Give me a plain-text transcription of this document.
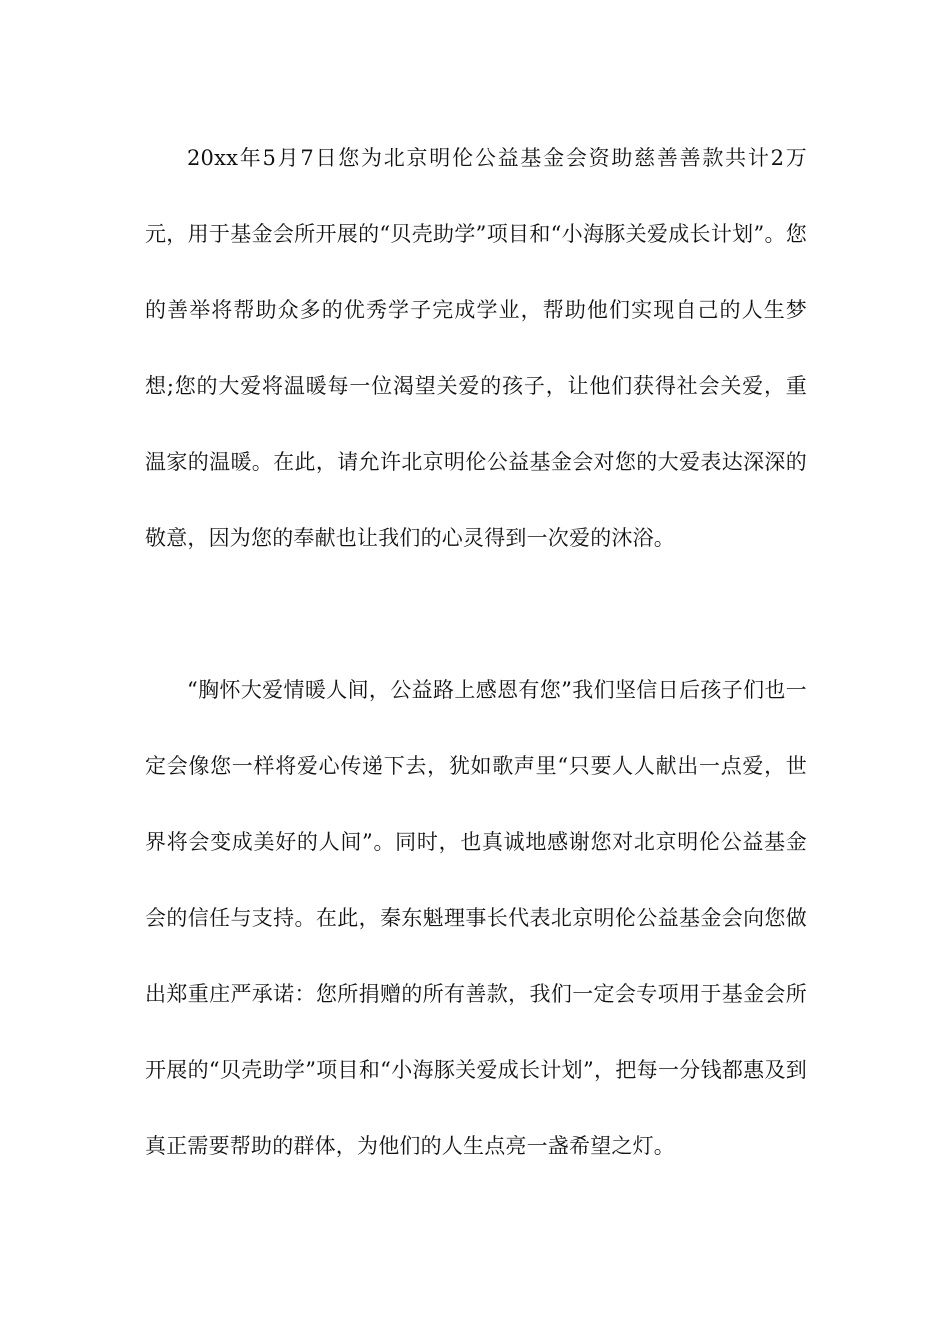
20xx年5月7日您为北京明伦公益基金会资助慈善善款共计2万元，用于基金会所开展的“贝壳助学”项目和“小海豚关爱成长计划”。您的善举将帮助众多的优秀学子完成学业，帮助他们实现自己的人生梦想;您的大爱将温暖每一位渴望关爱的孩子，让他们获得社会关爱，重温家的温暖。在此，请允许北京明伦公益基金会对您的大爱表达深深的敬意，因为您的奉献也让我们的心灵得到一次爱的沐浴。

“胸怀大爱情暖人间，公益路上感恩有您”我们坚信日后孩子们也一定会像您一样将爱心传递下去，犹如歌声里“只要人人献出一点爱，世界将会变成美好的人间”。同时，也真诚地感谢您对北京明伦公益基金会的信任与支持。在此，秦东魁理事长代表北京明伦公益基金会向您做出郑重庄严承诺：您所捐赠的所有善款，我们一定会专项用于基金会所开展的“贝壳助学”项目和“小海豚关爱成长计划”，把每一分钱都惠及到真正需要帮助的群体，为他们的人生点亮一盏希望之灯。
